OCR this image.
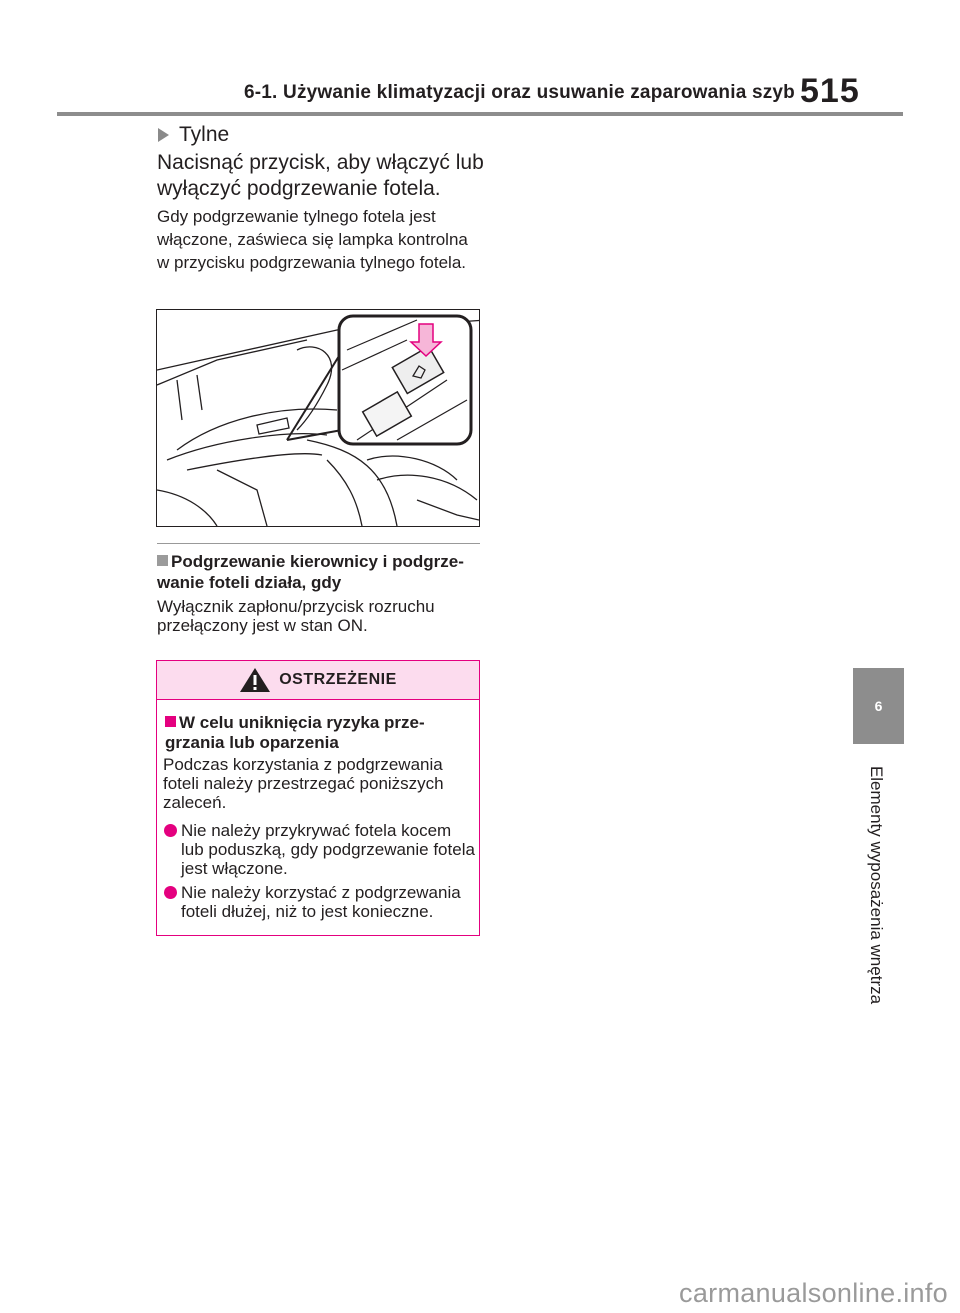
6-1. Używanie klimatyzacji oraz usuwanie zaparowania szyb 515
Tylne
Nacisnąć przycisk, aby włączyć lub wyłączyć podgrzewanie fotela.
Gdy podgrzewanie tylnego fotela jest włączone, zaświeca się lampka kontrolna w przycisku podgrzewania tylnego fotela.
Podgrzewanie kierownicy i podgrzewanie foteli działa, gdy
Wyłącznik zapłonu/przycisk rozruchu przełączony jest w stan ON.
OSTRZEŻENIE
W celu uniknięcia ryzyka przegrzania lub oparzenia
Podczas korzystania z podgrzewania foteli należy przestrzegać poniższych zaleceń.
Nie należy przykrywać fotela kocem lub poduszką, gdy podgrzewanie fotela jest włączone.
Nie należy korzystać z podgrzewania foteli dłużej, niż to jest konieczne.
6
Elementy wyposażenia wnętrza
carmanualsonline.info
